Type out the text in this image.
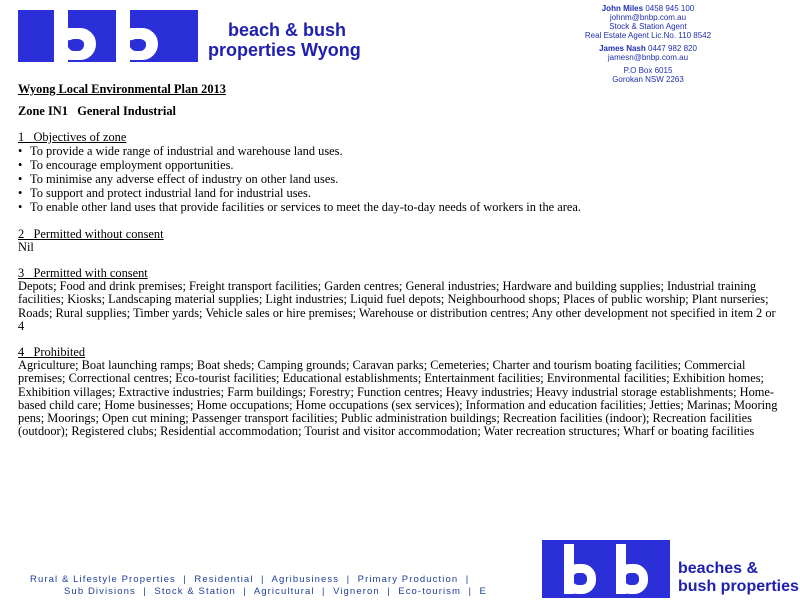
beach & bush
properties Wyong
John Miles 0458 945 100
johnm@bnbp.com.au
Stock & Station Agent
Real Estate Agent Lic.No. 110 8542
James Nash 0447 982 820
jamesn@bnbp.com.au
P.O Box 6015
Gorokan NSW 2263

Wyong Local Environmental Plan 2013

Zone IN1   General Industrial

1   Objectives of zone

• To provide a wide range of industrial and warehouse land uses.
• To encourage employment opportunities.
• To minimise any adverse effect of industry on other land uses.
• To support and protect industrial land for industrial uses.
• To enable other land uses that provide facilities or services to meet the day-to-day needs of workers in the area.

2   Permitted without consent

Nil

3   Permitted with consent

Depots; Food and drink premises; Freight transport facilities; Garden centres; General industries; Hardware and building supplies; Industrial training facilities; Kiosks; Landscaping material supplies; Light industries; Liquid fuel depots; Neighbourhood shops; Places of public worship; Plant nurseries; Roads; Rural supplies; Timber yards; Vehicle sales or hire premises; Warehouse or distribution centres; Any other development not specified in item 2 or 4

4   Prohibited

Agriculture; Boat launching ramps; Boat sheds; Camping grounds; Caravan parks; Cemeteries; Charter and tourism boating facilities; Commercial premises; Correctional centres; Eco-tourist facilities; Educational establishments; Entertainment facilities; Environmental facilities; Exhibition homes; Exhibition villages; Extractive industries; Farm buildings; Forestry; Function centres; Heavy industries; Heavy industrial storage establishments; Home-based child care; Home businesses; Home occupations; Home occupations (sex services); Information and education facilities; Jetties; Marinas; Mooring pens; Moorings; Open cut mining; Passenger transport facilities; Public administration buildings; Recreation facilities (indoor); Recreation facilities (outdoor); Registered clubs; Residential accommodation; Tourist and visitor accommodation; Water recreation structures; Wharf or boating facilities

Rural & Lifestyle Properties  |  Residential  |  Agribusiness  |  Primary Production  |
Sub Divisions  |  Stock & Station  |  Agricultural  |  Vigneron  |  Eco-tourism  |  E
beaches &
bush properties
